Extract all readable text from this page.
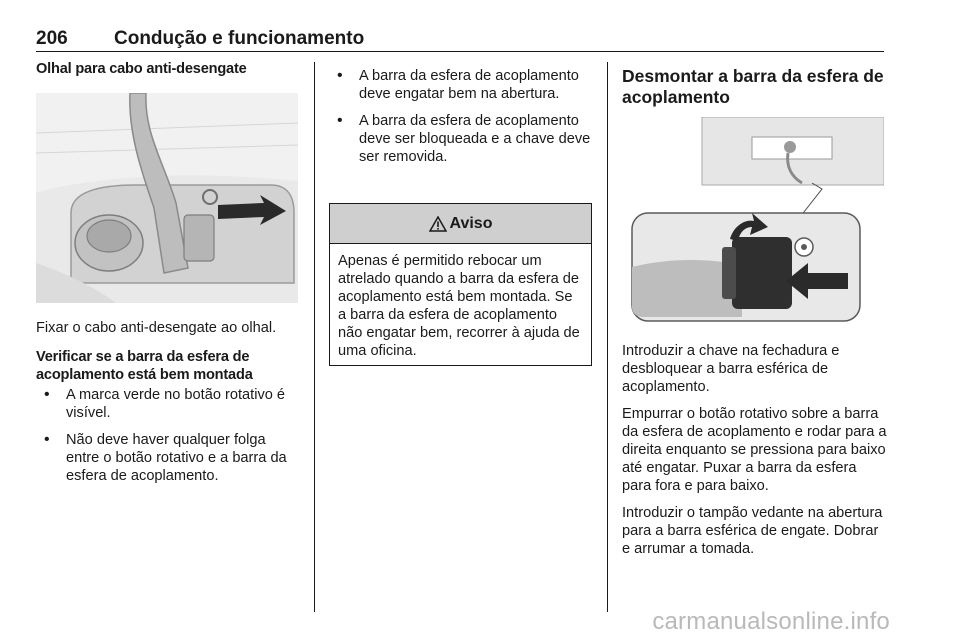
206 Condução e funcionamento
Olhal para cabo anti-desengate

Fixar o cabo anti-desengate ao olhal.

Verificar se a barra da esfera de acoplamento está bem montada

• A marca verde no botão rotativo é visível.
• Não deve haver qualquer folga entre o botão rotativo e a barra da esfera de acoplamento.
• A barra da esfera de acoplamento deve engatar bem na abertura.
• A barra da esfera de acoplamento deve ser bloqueada e a chave deve ser removida.
Aviso

Apenas é permitido rebocar um atrelado quando a barra da esfera de acoplamento está bem montada. Se a barra da esfera de acoplamento não engatar bem, recorrer à ajuda de uma oficina.

Desmontar a barra da esfera de acoplamento

Introduzir a chave na fechadura e desbloquear a barra esférica de acoplamento.

Empurrar o botão rotativo sobre a barra da esfera de acoplamento e rodar para a direita enquanto se pressiona para baixo até engatar. Puxar a barra da esfera para fora e para baixo.

Introduzir o tampão vedante na abertura para a barra esférica de engate. Dobrar e arrumar a tomada.

carmanualsonline.info
